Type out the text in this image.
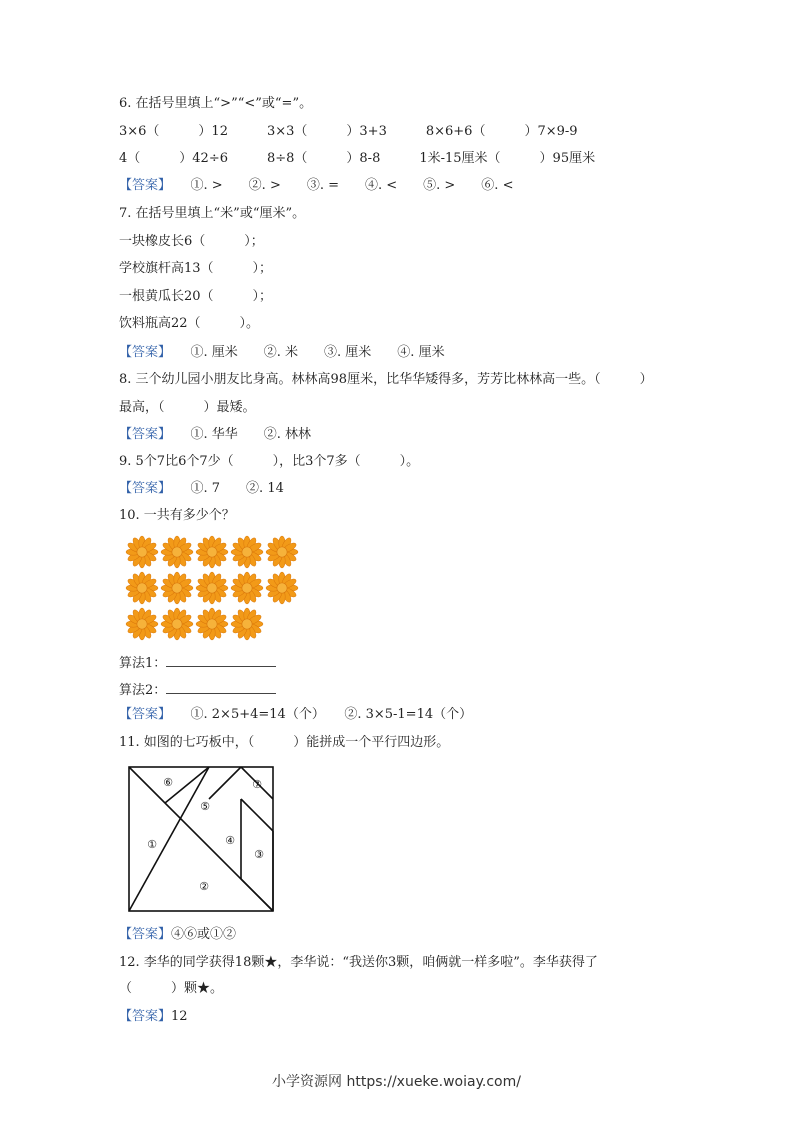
6. 在括号里填上“>”“<”或“=”。
3×6（　　　）12　　　3×3（　　　）3+3　　　8×6+6（　　　）7×9-9
4（　　　）42÷6　　　8÷8（　　　）8-8　　　1米-15厘米（　　　）95厘米
【答案】　　①. >　　②. >　　③. =　　④. <　　⑤. >　　⑥. <
7. 在括号里填上“米”或“厘米”。
一块橡皮长6（　　　）；
学校旗杆高13（　　　）；
一根黄瓜长20（　　　）；
饮料瓶高22（　　　）。
【答案】　　①. 厘米　　②. 米　　③. 厘米　　④. 厘米
8. 三个幼儿园小朋友比身高。林林高98厘米，比华华矮得多，芳芳比林林高一些。（　　　）
最高，（　　　）最矮。
【答案】　　①. 华华　　②. 林林
9. 5个7比6个7少（　　　），比3个7多（　　　）。
【答案】　　①. 7　　②. 14
10. 一共有多少个？
算法1：
算法2：
【答案】　　①. 2×5+4=14（个）　　②. 3×5-1=14（个）
11. 如图的七巧板中，（　　　）能拼成一个平行四边形。
①
②
③
④
⑤
⑥	⑦
【答案】④⑥或①②
12. 李华的同学获得18颗★，李华说：“我送你3颗，咱俩就一样多啦”。李华获得了
（　　　）颗★。
【答案】12
小学资源网 https://xueke.woiay.com/
